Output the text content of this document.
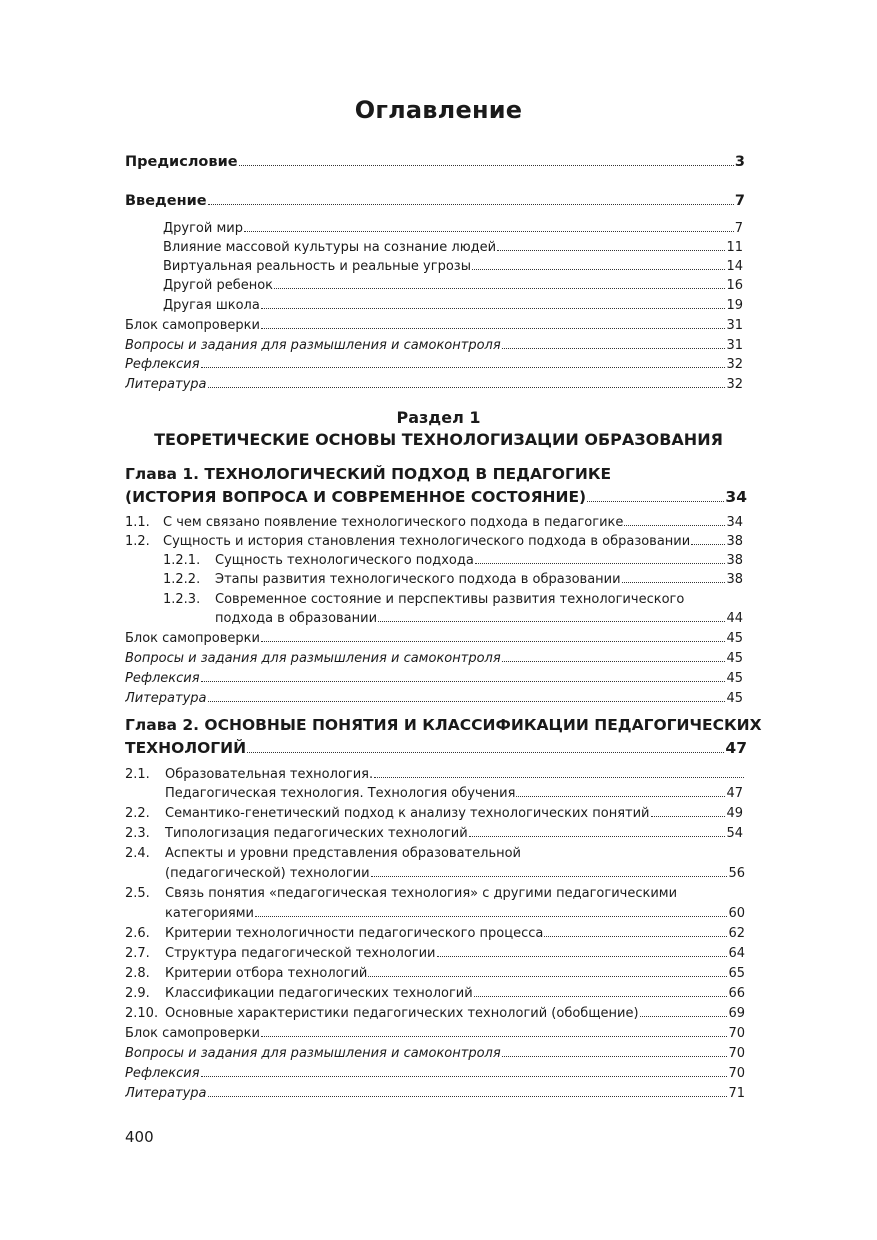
Оглавление
Предисловие	3
Введение	7
Другой мир	7
Влияние массовой культуры на сознание людей	11
Виртуальная реальность и реальные угрозы	14
Другой ребенок	16
Другая школа	19
Блок самопроверки	31
Вопросы и задания для размышления и самоконтроля	31
Рефлексия	32
Литература	32
Раздел 1
ТЕОРЕТИЧЕСКИЕ ОСНОВЫ ТЕХНОЛОГИЗАЦИИ ОБРАЗОВАНИЯ
Глава 1. ТЕХНОЛОГИЧЕСКИЙ ПОДХОД В ПЕДАГОГИКЕ
(ИСТОРИЯ ВОПРОСА И СОВРЕМЕННОЕ СОСТОЯНИЕ)	34
1.1.	С чем связано появление технологического подхода в педагогике	34
1.2.	Сущность и история становления технологического подхода в образовании	38
1.2.1.	Сущность технологического подхода	38
1.2.2.	Этапы развития технологического подхода в образовании	38
1.2.3. Современное состояние и перспективы развития технологического
подхода в образовании	44
Блок самопроверки	45
Вопросы и задания для размышления и самоконтроля	45
Рефлексия	45
Литература	45
Глава 2. ОСНОВНЫЕ ПОНЯТИЯ И КЛАССИФИКАЦИИ ПЕДАГОГИЧЕСКИХ
ТЕХНОЛОГИЙ	47
2.1.	Образовательная технология.
Педагогическая технология. Технология обучения	47
2.2.	Семантико-генетический подход к анализу технологических понятий	49
2.3.	Типологизация педагогических технологий	54
2.4. Аспекты и уровни представления образовательной
(педагогической) технологии	56
2.5. Связь понятия «педагогическая технология» с другими педагогическими
категориями	60
2.6.	Критерии технологичности педагогического процесса	62
2.7.	Структура педагогической технологии	64
2.8.	Критерии отбора технологий	65
2.9.	Классификации педагогических технологий	66
2.10. Основные характеристики педагогических технологий (обобщение)	69
Блок самопроверки	70
Вопросы и задания для размышления и самоконтроля	70
Рефлексия	70
Литература	71
400
